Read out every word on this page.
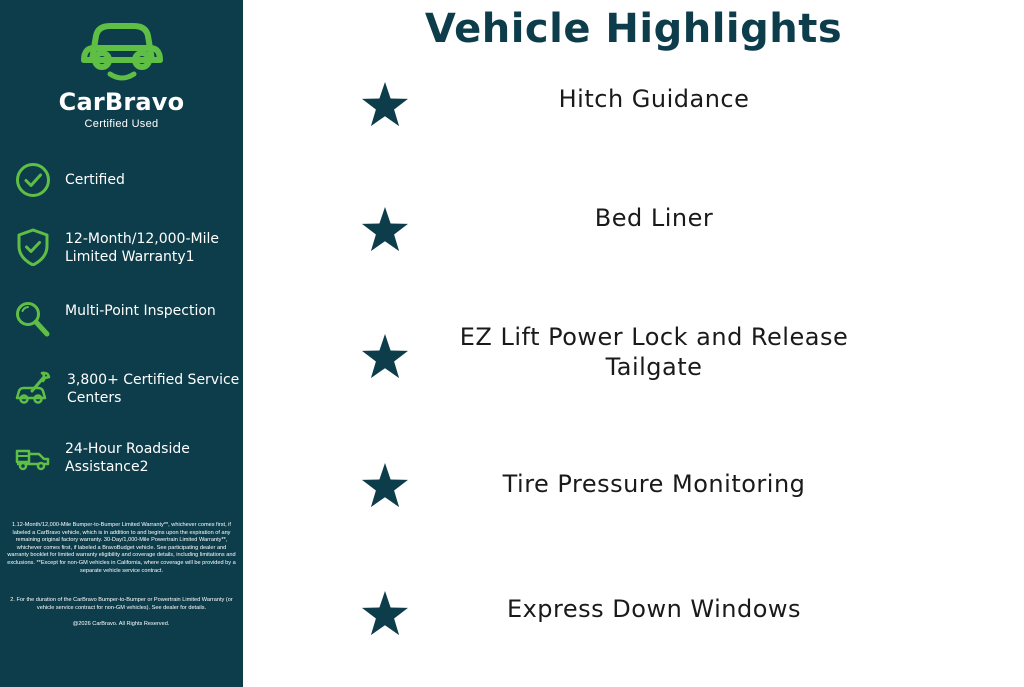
CarBravo
Certified Used
Certified
12-Month/12,000-Mile Limited Warranty1
Multi-Point Inspection
3,800+ Certified Service Centers
24-Hour Roadside Assistance2
1.12-Month/12,000-Mile Bumper-to-Bumper Limited Warranty**, whichever comes first, if labeled a CarBravo vehicle, which is in addition to and begins upon the expiration of any remaining original factory warranty. 30-Day/1,000-Mile Powertrain Limited Warranty**, whichever comes first, if labeled a BravoBudget vehicle. See participating dealer and warranty booklet for limited warranty eligibility and coverage details, including limitations and exclusions. **Except for non-GM vehicles in California, where coverage will be provided by a separate vehicle service contract.
2. For the duration of the CarBravo Bumper-to-Bumper or Powertrain Limited Warranty (or vehicle service contract for non-GM vehicles). See dealer for details.
@2026 CarBravo. All Rights Reserved.
Vehicle Highlights
Hitch Guidance
Bed Liner
EZ Lift Power Lock and Release Tailgate
Tire Pressure Monitoring
Express Down Windows
